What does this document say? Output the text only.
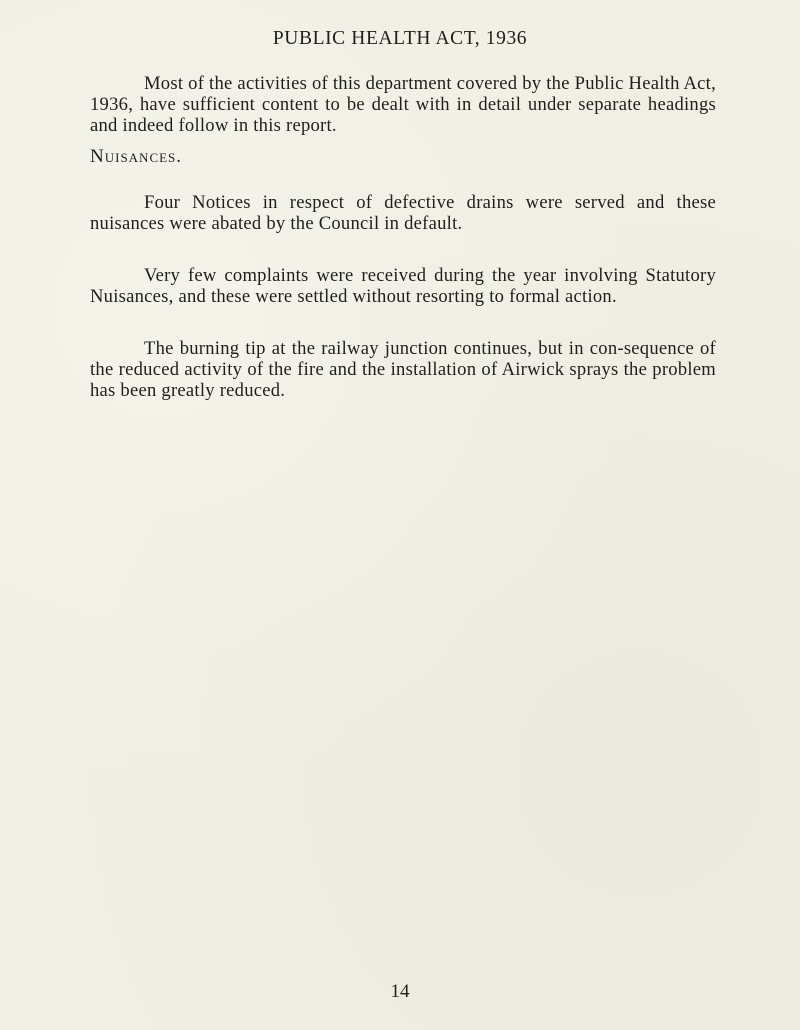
PUBLIC HEALTH ACT, 1936
Most of the activities of this department covered by the Public Health Act, 1936, have sufficient content to be dealt with in detail under separate headings and indeed follow in this report.
Nuisances.
Four Notices in respect of defective drains were served and these nuisances were abated by the Council in default.
Very few complaints were received during the year involving Statutory Nuisances, and these were settled without resorting to formal action.
The burning tip at the railway junction continues, but in con-sequence of the reduced activity of the fire and the installation of Airwick sprays the problem has been greatly reduced.
14
